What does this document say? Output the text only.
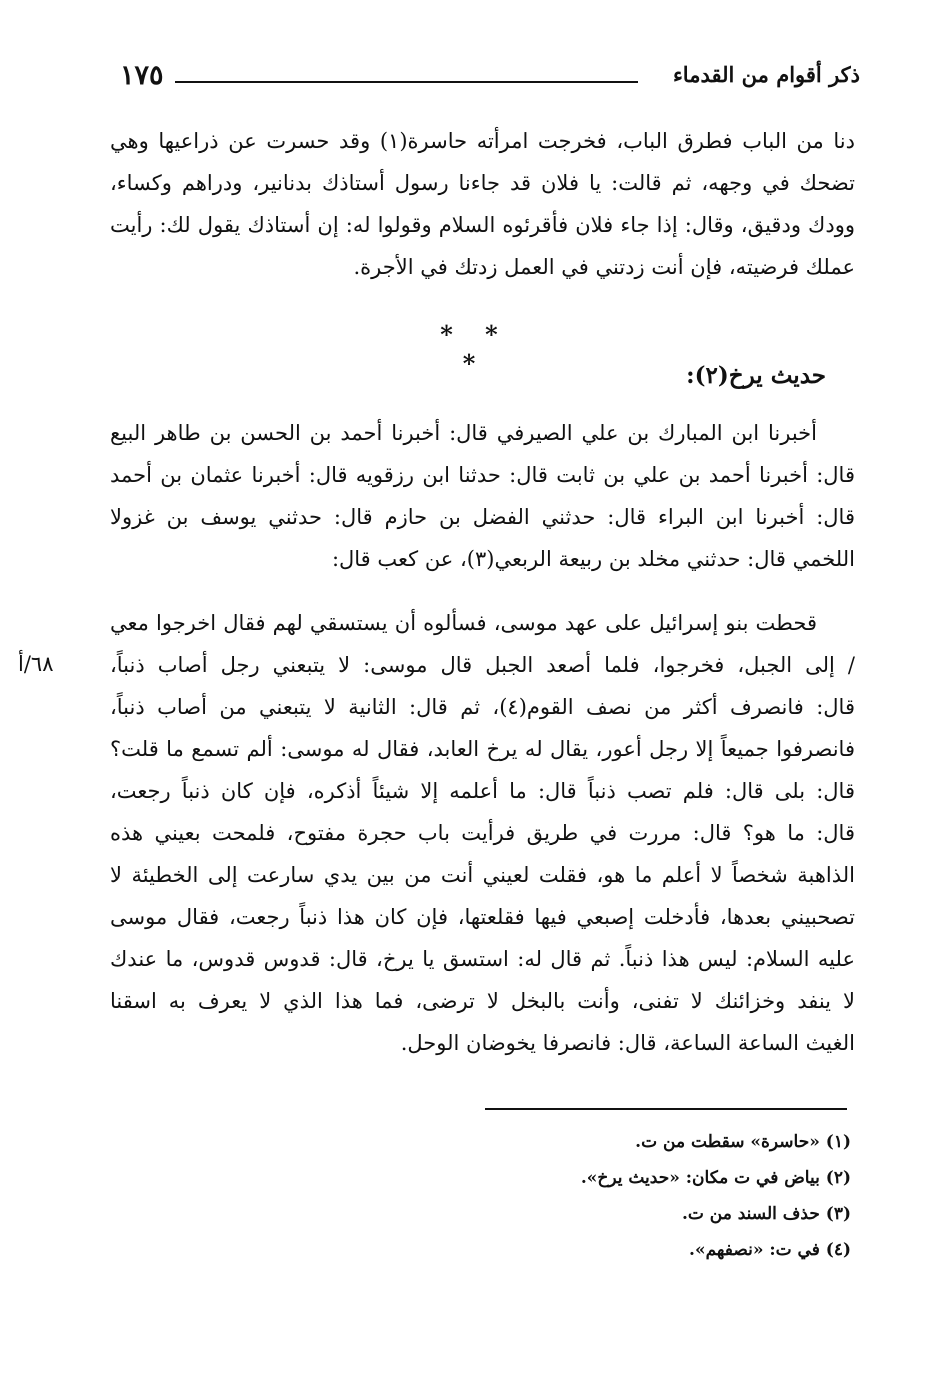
١٧٥	ذكر أقوام من القدماء
دنا من الباب فطرق الباب، فخرجت امرأته حاسرة(١) وقد حسرت عن ذراعيها وهي
تضحك في وجهه، ثم قالت: يا فلان قد جاءنا رسول أستاذك بدنانير، ودراهم وكساء،
وودك ودقيق، وقال: إذا جاء فلان فأقرئوه السلام وقولوا له: إن أستاذك يقول لك: رأيت
عملك فرضيته، فإن أنت زدتني في العمل زدتك في الأجرة.
* * *	حديث يرخ(٢):
أخبرنا ابن المبارك بن علي الصيرفي قال: أخبرنا أحمد بن الحسن بن طاهر البيع
قال: أخبرنا أحمد بن علي بن ثابت قال: حدثنا ابن رزقويه قال: أخبرنا عثمان بن أحمد
قال: أخبرنا ابن البراء قال: حدثني الفضل بن حازم قال: حدثني يوسف بن غزولا
اللخمي قال: حدثني مخلد بن ربيعة الربعي(٣)، عن كعب قال:
قحطت بنو إسرائيل على عهد موسى، فسألوه أن يستسقي لهم فقال اخرجوا معي
/ إلى الجبل، فخرجوا، فلما أصعد الجبل قال موسى: لا يتبعني رجل أصاب ذنباً،
قال: فانصرف أكثر من نصف القوم(٤)، ثم قال: الثانية لا يتبعني من أصاب ذنباً،
فانصرفوا جميعاً إلا رجل أعور، يقال له يرخ العابد، فقال له موسى: ألم تسمع ما قلت؟
قال: بلى قال: فلم تصب ذنباً قال: ما أعلمه إلا شيئاً أذكره، فإن كان ذنباً رجعت،
قال: ما هو؟ قال: مررت في طريق فرأيت باب حجرة مفتوح، فلمحت بعيني هذه
الذاهبة شخصاً لا أعلم ما هو، فقلت لعيني أنت من بين يدي سارعت إلى الخطيئة لا
تصحبيني بعدها، فأدخلت إصبعي فيها فقلعتها، فإن كان هذا ذنباً رجعت، فقال موسى
عليه السلام: ليس هذا ذنباً. ثم قال له: استسق يا يرخ، قال: قدوس قدوس، ما عندك
لا ينفد وخزائنك لا تفنى، وأنت بالبخل لا ترضى، فما هذا الذي لا يعرف به اسقنا
الغيث الساعة الساعة، قال: فانصرفا يخوضان الوحل.
٦٨/أ
(١) «حاسرة» سقطت من ت.
(٢) بياض في ت مكان: «حديث يرخ».
(٣) حذف السند من ت.
(٤) في ت: «نصفهم».
